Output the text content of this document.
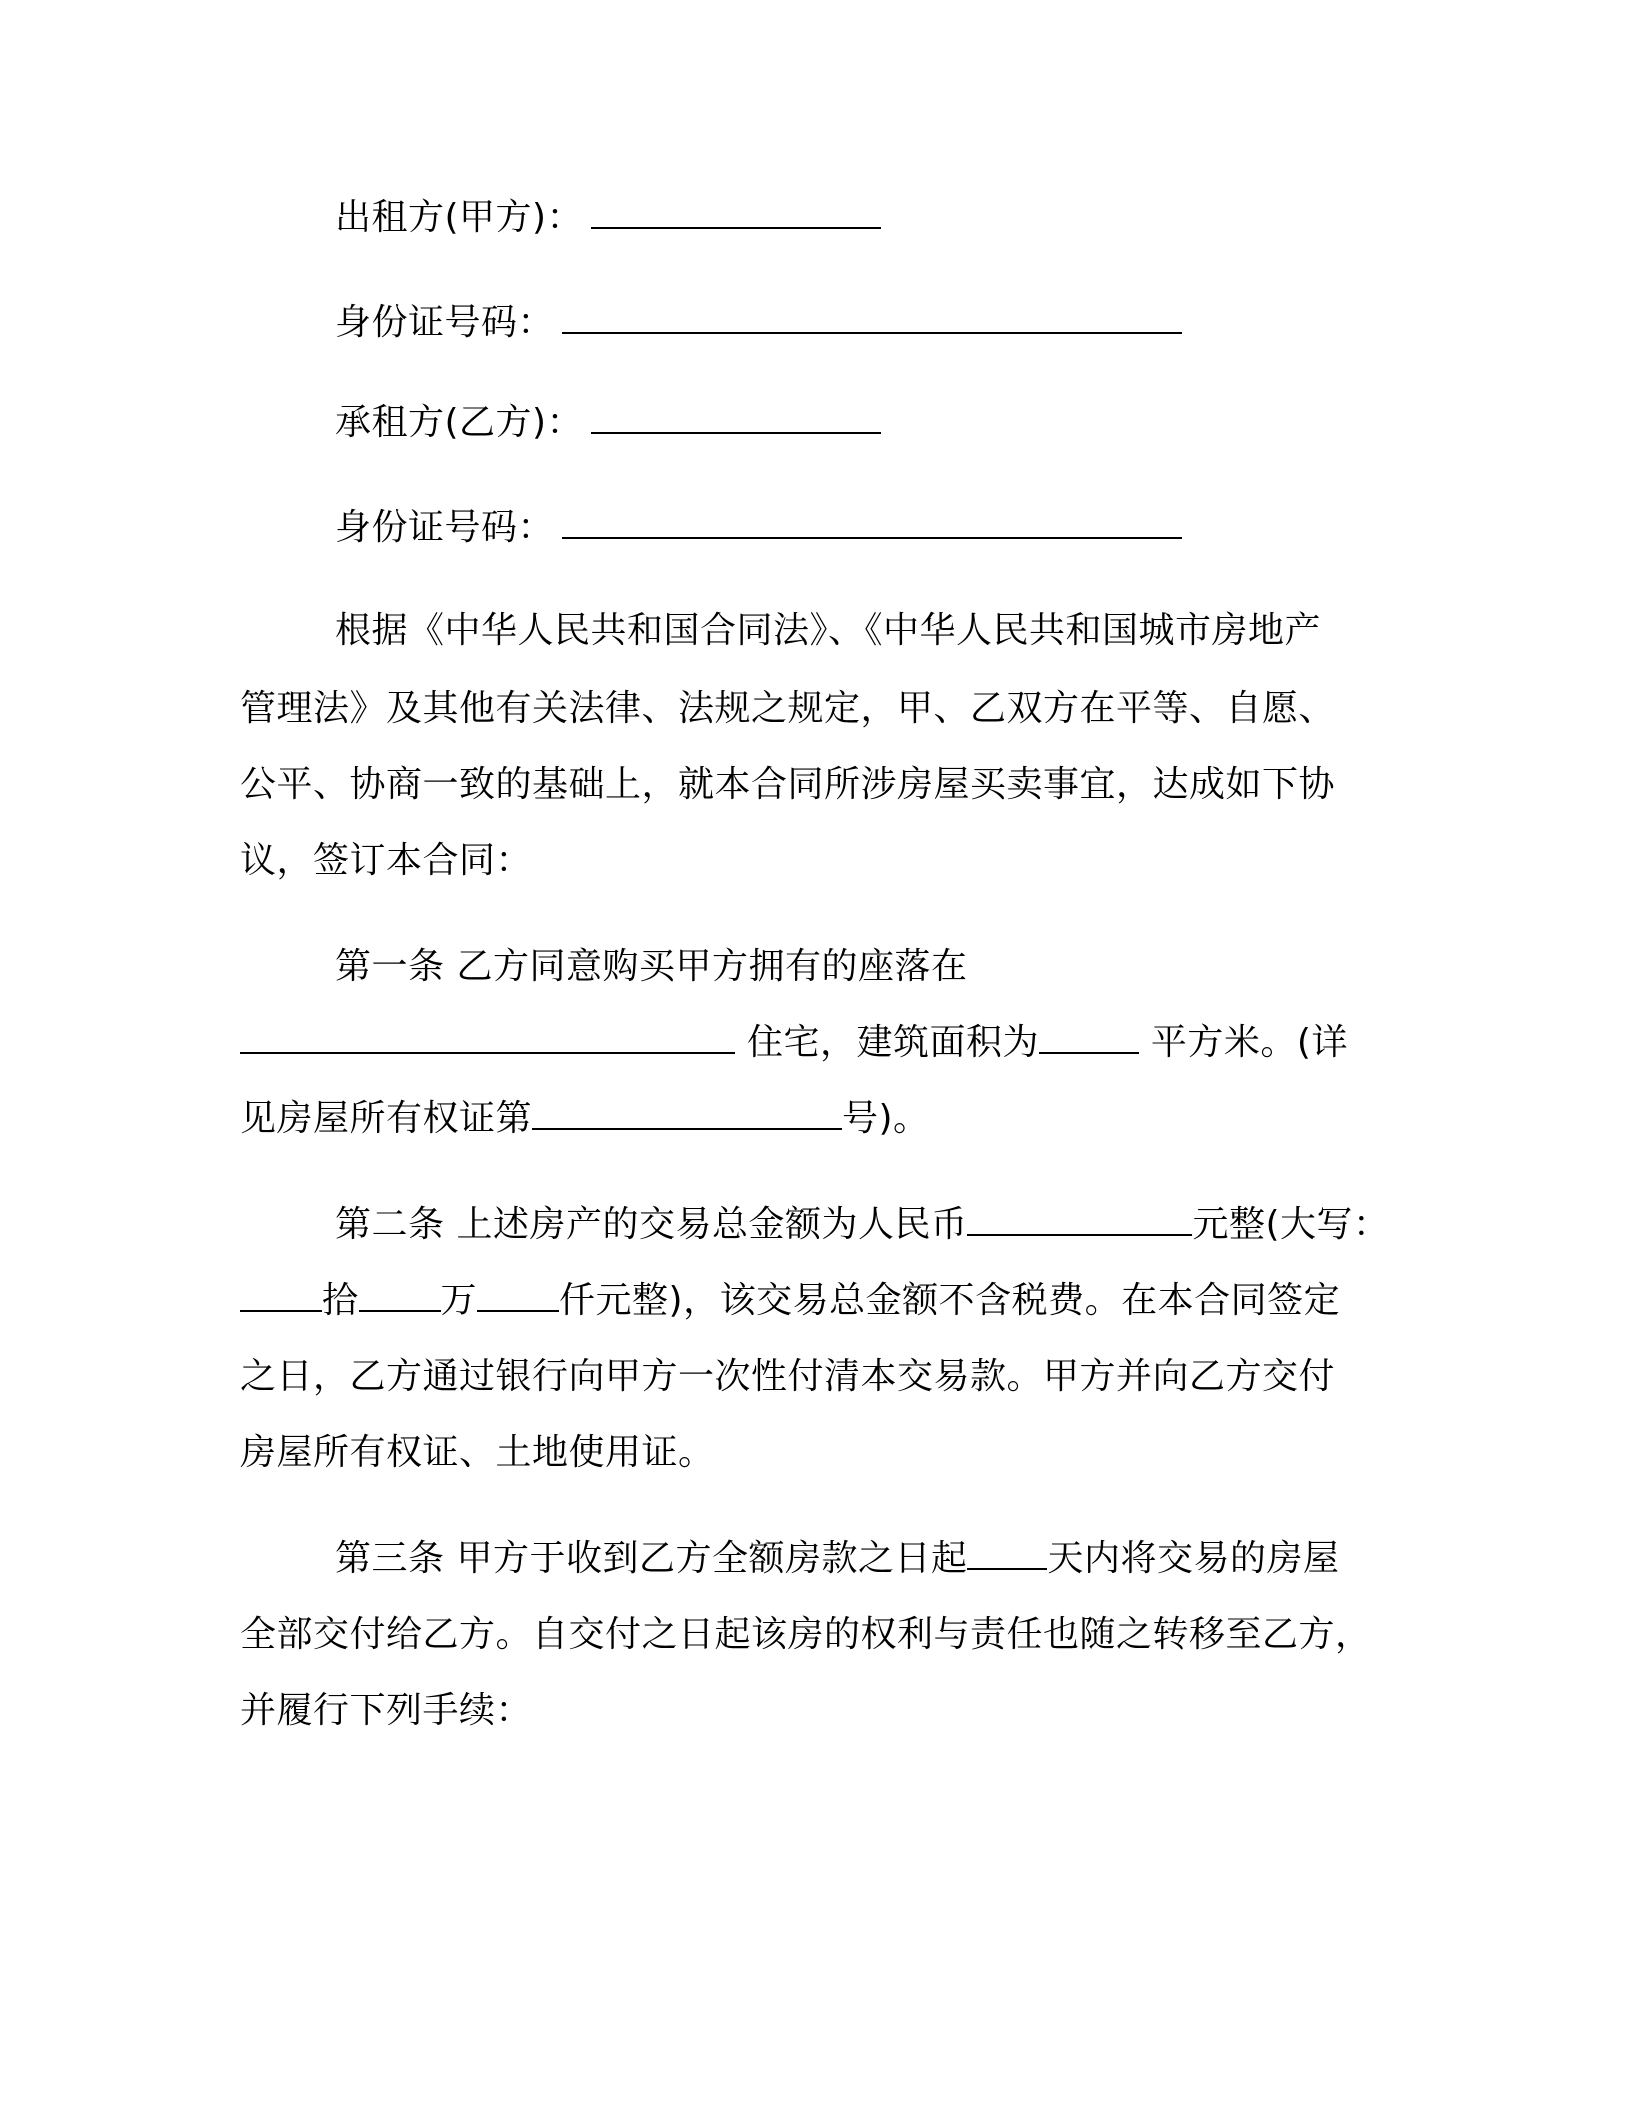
出租方(甲方)：
身份证号码：
承租方(乙方)：
身份证号码：
根据《中华人民共和国合同法》、《中华人民共和国城市房地产
管理法》及其他有关法律、法规之规定，甲、乙双方在平等、自愿、
公平、协商一致的基础上，就本合同所涉房屋买卖事宜，达成如下协
议，签订本合同：
第一条 乙方同意购买甲方拥有的座落在
住宅，建筑面积为	平方米。(详
见房屋所有权证第	号)。
第二条 上述房产的交易总金额为人民币	元整(大写：
拾 万 仟元整)，该交易总金额不含税费。在本合同签定
之日，乙方通过银行向甲方一次性付清本交易款。甲方并向乙方交付
房屋所有权证、土地使用证。
第三条 甲方于收到乙方全额房款之日起 天内将交易的房屋
全部交付给乙方。自交付之日起该房的权利与责任也随之转移至乙方，
并履行下列手续：
